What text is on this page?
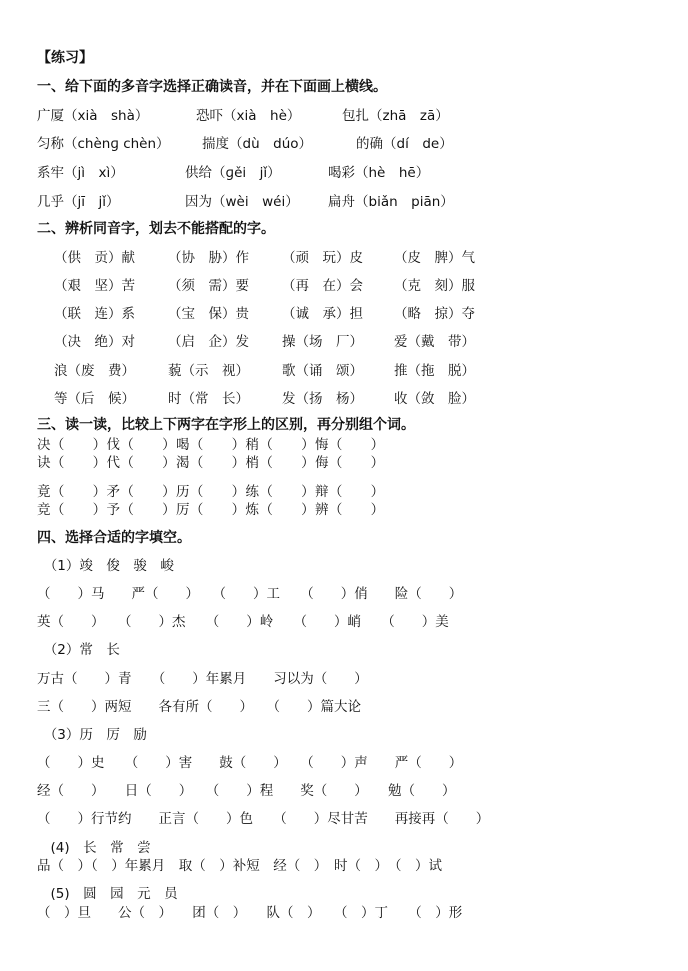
【练习】
一、给下面的多音字选择正确读音，并在下面画上横线。
广厦（xià　shà）	恐吓（xià　hè）	包扎（zhā　zā）
匀称（chènɡ chèn） 揣度（dù　dúo）	的确（dí　de）
系牢（jì　xì）	供给（ɡěi　jǐ）	喝彩（hè　hē）
几乎（jī　jǐ）	因为（wèi　wéi） 扁舟（biǎn　piān）
二、辨析同音字，划去不能搭配的字。
（供　贡）献 （协　胁）作 （顽　玩）皮 （皮　脾）气
（艰　坚）苦 （须　需）要 （再　在）会 （克　刻）服
（联　连）系 （宝　保）贵 （诚　承）担 （略　掠）夺
（决　绝）对 （启　企）发 操（场　厂） 爱（戴　带）
浪（废　费） 藐（示　视） 歌（诵　颂） 推（拖　脱）
等（后　候） 时（常　长） 发（扬　杨） 收（敛　脸）
三、读一读，比较上下两字在字形上的区别，再分别组个词。
决（　　）伐（　　）喝（　　）稍（　　）悔（　　）
诀（　　）代（　　）渴（　　）梢（　　）侮（　　）
竟（　　）矛（　　）历（　　）练（　　）辩（　　）
竞（　　）予（　　）厉（　　）炼（　　）辨（　　）
四、选择合适的字填空。
　（1）竣　俊　骏　峻
（　　）马　　严（　　）　　（　　）工　　（　　）俏　　险（　　）
英（　　）　　（　　）杰　　（　　）岭　　（　　）峭　　（　　）美
　（2）常　长
万古（　　）青　　（　　）年累月　　习以为（　　）
三（　　）两短　　各有所（　　）　　（　　）篇大论
　（3）历　厉　励
（　　）史　　（　　）害　　鼓（　　）　　（　　）声　　严（　　）
经（　　）　　日（　　）　　（　　）程　　奖（　　）　　勉（　　）
（　　）行节约　　正言（　　）色　　（　　）尽甘苦　　再接再（　　）
　(4)　长　常　尝
品（　）（　）年累月　取（　）补短　经（　）　时（　）　（　）试
　(5)　圆　园　元　员
（　）旦　　公（　）　　团（　）　　队（　）　　（　）丁　　（　）形
